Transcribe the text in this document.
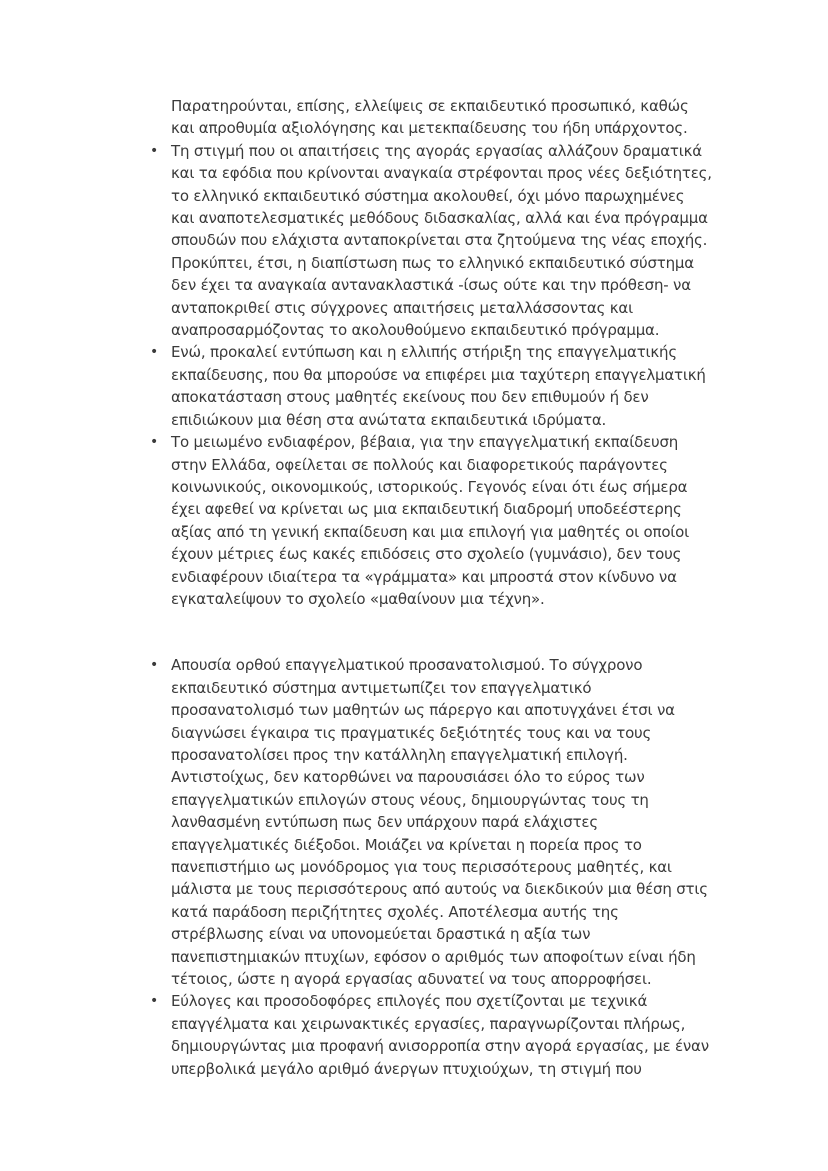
Παρατηρούνται, επίσης, ελλείψεις σε εκπαιδευτικό προσωπικό, καθώς και απροθυμία αξιολόγησης και μετεκπαίδευσης του ήδη υπάρχοντος.

• Τη στιγμή που οι απαιτήσεις της αγοράς εργασίας αλλάζουν δραματικά και τα εφόδια που κρίνονται αναγκαία στρέφονται προς νέες δεξιότητες, το ελληνικό εκπαιδευτικό σύστημα ακολουθεί, όχι μόνο παρωχημένες και αναποτελεσματικές μεθόδους διδασκαλίας, αλλά και ένα πρόγραμμα σπουδών που ελάχιστα ανταποκρίνεται στα ζητούμενα της νέας εποχής. Προκύπτει, έτσι, η διαπίστωση πως το ελληνικό εκπαιδευτικό σύστημα δεν έχει τα αναγκαία αντανακλαστικά -ίσως ούτε και την πρόθεση- να ανταποκριθεί στις σύγχρονες απαιτήσεις μεταλλάσσοντας και αναπροσαρμόζοντας το ακολουθούμενο εκπαιδευτικό πρόγραμμα.
• Ενώ, προκαλεί εντύπωση και η ελλιπής στήριξη της επαγγελματικής εκπαίδευσης, που θα μπορούσε να επιφέρει μια ταχύτερη επαγγελματική αποκατάσταση στους μαθητές εκείνους που δεν επιθυμούν ή δεν επιδιώκουν μια θέση στα ανώτατα εκπαιδευτικά ιδρύματα.
• Το μειωμένο ενδιαφέρον, βέβαια, για την επαγγελματική εκπαίδευση στην Ελλάδα, οφείλεται σε πολλούς και διαφορετικούς παράγοντες κοινωνικούς, οικονομικούς, ιστορικούς. Γεγονός είναι ότι έως σήμερα έχει αφεθεί να κρίνεται ως μια εκπαιδευτική διαδρομή υποδεέστερης αξίας από τη γενική εκπαίδευση και μια επιλογή για μαθητές οι οποίοι έχουν μέτριες έως κακές επιδόσεις στο σχολείο (γυμνάσιο), δεν τους ενδιαφέρουν ιδιαίτερα τα «γράμματα» και μπροστά στον κίνδυνο να εγκαταλείψουν το σχολείο «μαθαίνουν μια τέχνη».
• Απουσία ορθού επαγγελματικού προσανατολισμού. Το σύγχρονο εκπαιδευτικό σύστημα αντιμετωπίζει τον επαγγελματικό προσανατολισμό των μαθητών ως πάρεργο και αποτυγχάνει έτσι να διαγνώσει έγκαιρα τις πραγματικές δεξιότητές τους και να τους προσανατολίσει προς την κατάλληλη επαγγελματική επιλογή. Αντιστοίχως, δεν κατορθώνει να παρουσιάσει όλο το εύρος των επαγγελματικών επιλογών στους νέους, δημιουργώντας τους τη λανθασμένη εντύπωση πως δεν υπάρχουν παρά ελάχιστες επαγγελματικές διέξοδοι. Μοιάζει να κρίνεται η πορεία προς το πανεπιστήμιο ως μονόδρομος για τους περισσότερους μαθητές, και μάλιστα με τους περισσότερους από αυτούς να διεκδικούν μια θέση στις κατά παράδοση περιζήτητες σχολές. Αποτέλεσμα αυτής της στρέβλωσης είναι να υπονομεύεται δραστικά η αξία των πανεπιστημιακών πτυχίων, εφόσον ο αριθμός των αποφοίτων είναι ήδη τέτοιος, ώστε η αγορά εργασίας αδυνατεί να τους απορροφήσει.
• Εύλογες και προσοδοφόρες επιλογές που σχετίζονται με τεχνικά επαγγέλματα και χειρωνακτικές εργασίες, παραγνωρίζονται πλήρως, δημιουργώντας μια προφανή ανισορροπία στην αγορά εργασίας, με έναν υπερβολικά μεγάλο αριθμό άνεργων πτυχιούχων, τη στιγμή που
